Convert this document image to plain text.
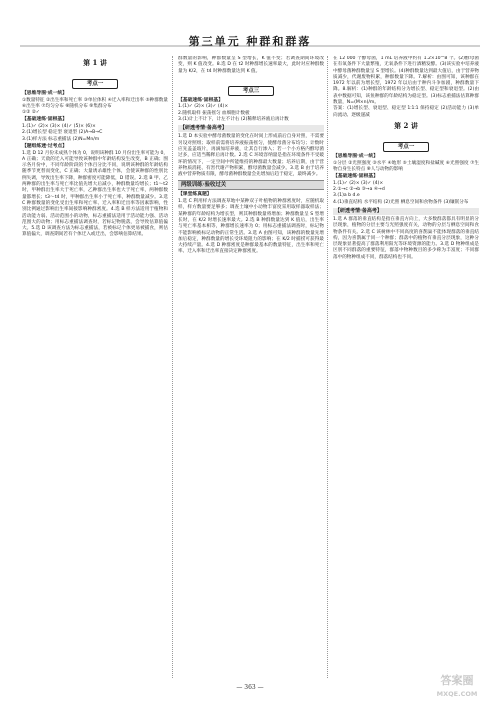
第三单元 种群和群落
第 1 讲
考点一
【思维导图·成一统】

①数量特征 ②出生率和死亡率 ③单位体积 ④迁入率和迁出率 ⑤种群数量 ⑥出生率 ⑦均匀分布 ⑧随机分布 ⑨集群分布

①② ②✓

【基础速练·固根基】

1.(1)✓ (2)× (3)× (4)✓ (5)× (6)×

2.(1)增长型 稳定型 衰退型 (2)A→B→C

3.(1)样方法 标志重捕法 (2)N=Mn/m

【题组练透·过考点】

1.选 D 12 月份未成熟个体为 0，说明该种群 10 月份出生率可能为 0，A 正确；天敌的迁入可能导致该种群中年龄结构发生改变，B 正确；图示各月份中，不同年龄阶段的个体百分比不同，说明该种群的年龄结构随季节更替而变化，C 正确；大量诱杀雄性个体，会使该种群的性别比例失调，导致出生率下降，种群密度可能降低，D 错误。2.选 B 甲、乙两种群的出生率与死亡率比值先增大后减小，种群数量均增长；t1～t2 时，甲种群出生率大于死亡率，乙种群出生率也大于死亡率，两种群数量都增长；t3～t4 时，甲种群出生率小于死亡率，种群数量减少。3.选 C 种群数量的变化受出生率和死亡率、迁入率和迁出率等因素影响，性别比例通过影响出生率间接影响种群密度。4.选 B 样方法适用于植物和活动能力弱、活动范围小的动物，标志重捕法适用于活动能力强、活动范围大的动物；用标志重捕法调查时，若标记物脱落，会导致估算值偏大。5.选 D 该调查方法为标志重捕法，若被标记个体更易被捕食，则估算值偏大，调查期间若有个体迁入或迁出，会影响估算结果。

群数量的影响，种群数量呈 S 型增长，K 值不变；若调查期间环境改变，则 K 值改变。8.选 D 在 t2 时种群增长速率最大，此时对应种群数量为 K/2，在 t4 时种群数量达到 K 值。

考点三
【基础速练·固根基】

1.(1)✓ (2)× (3)✓ (4)×

2.随机取样 振荡摇匀 血细胞计数板

3.(1)计上不计下，计左不计右 (2)稀释培养液后再计数

【研透考情·备高考】

1.选 D 本实验中酵母菌数量的变化在时间上形成前后自身对照，不需要另设对照组；取样前需将培养液振荡摇匀，使酵母菌分布均匀；计数时应先盖盖玻片，再滴加培养液，让其自行渗入；若一个小方格内酵母菌过多，应适当稀释后再计数。2.选 C 环境容纳量是指在环境条件不受破坏的情况下，一定空间中所能维持的种群最大数量；培养后期，由于营养物质消耗、有害代谢产物积累，酵母菌数量会减少。3.选 B 由于培养液中营养物质有限，酵母菌种群数量会先增加后趋于稳定，最终减少。

两级训练·验收过关
【课堂练真题】

1.选 C 利用样方法调查草地中某种双子叶植物的种群密度时，应随机取样，样方数量要足够多；调查土壤中小动物丰富度采用取样器取样法；某种群的年龄结构为增长型，则其种群数量将增加；种群数量呈 S 型增长时，在 K/2 时增长速率最大。2.选 B 种群数量达到 K 值后，出生率与死亡率基本相等，种群增长速率为 0；用标志重捕法调查时，标记物不能影响被标记动物的正常生活。3.选 A 由图可知，该种群的数量先增加后稳定，种群数量的增长受环境阻力的影响；在 K/2 时捕捞可获得最大持续产量。4.选 D 种群密度是种群最基本的数量特征，出生率和死亡率、迁入率和迁出率直接决定种群密度。

在 12 000 个酵母菌，1 mL 培养液中约有 1.2×10^8 个。(2)酵母菌在有氧条件下大量繁殖，无氧条件下进行酒精发酵。(3)该实验中培养液中酵母菌种群数量呈 S 型增长。(4)种群数量达到最大值后，由于营养物质减少，代谢废物积累，种群数量下降。7.解析：由图可知，该种群在 1972 年以前为增长型，1972 年以后由于种内斗争加剧，种群数量下降。8.解析：(1)种群的年龄结构分为增长型、稳定型和衰退型。(2)由表中数据可知，该鱼种群的年龄结构为稳定型。(3)标志重捕法估算种群数量，N=(M×n)/m。

答案：(1)增长型、衰退型、稳定型 1∶1∶1 保持稳定 (2)活动能力 (3)单向流动、逐级递减

第 2 讲
考点一
【思维导图·成一统】

①分层 ②光照强度 ③水平 ④地形 ⑤土壤湿度和盐碱度 ⑥光照强度 ⑦生物自身生长特点 ⑧人与动物的影响

【基础速练·固根基】

1.(1)✓ (2)× (3)✓ (4)×

2.①→c ②→b ③→a ④→d

3.(1)a b d.e

4.(1)垂直结构 水平结构 (2)光照 栖息空间和食物条件 (3)镶嵌分布

【研透考情·备高考】

1.选 A 群落的垂直结构是指在垂直方向上，大多数群落都具有明显的分层现象，植物的分层主要与光照强度有关，动物的分层与栖息空间和食物条件有关。2.选 C 该树林中不同高度的喜鹊巢不能体现群落的垂直结构，因为喜鹊属于同一个种群；群落中的植物有垂直分层现象，这种分层现象显著提高了群落利用阳光等环境资源的能力。3.选 D 物种组成是区别不同群落的重要特征，群落中物种数目的多少称为丰富度；不同群落中的物种组成不同，群落结构也不同。

— 363 —
答案圈
MXQE.COM
